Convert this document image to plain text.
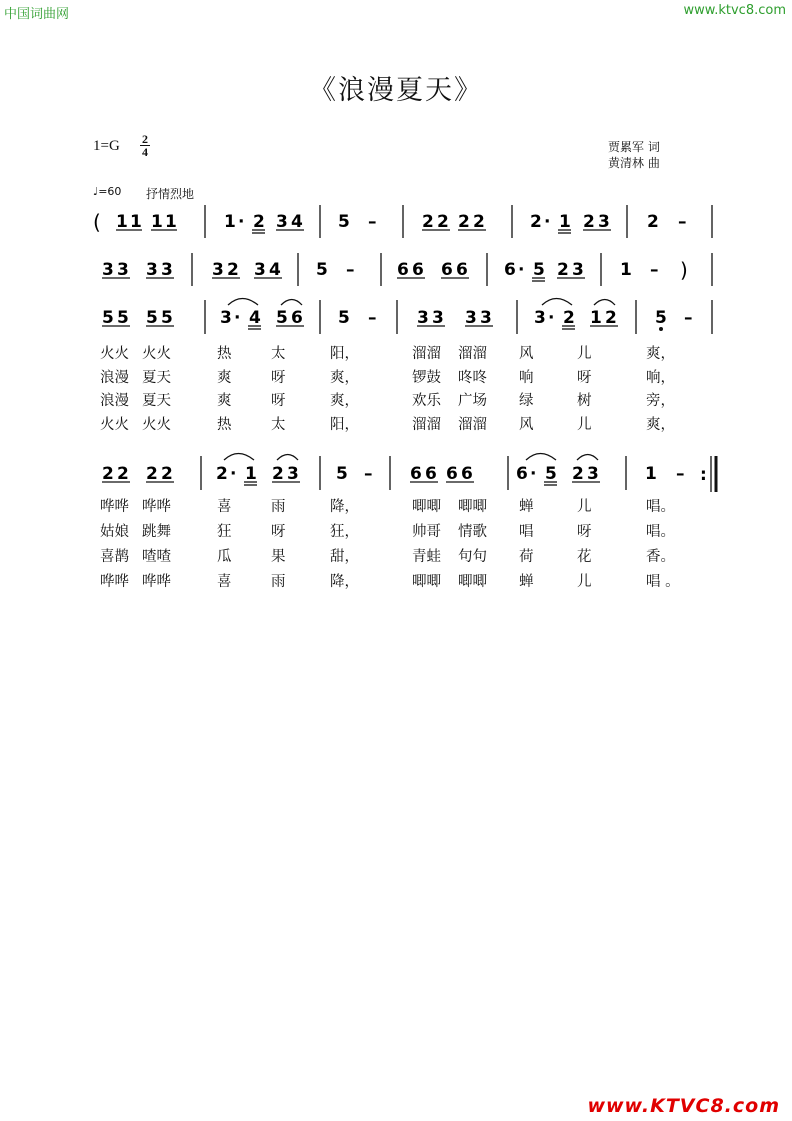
中国词曲网	www.ktvc8.com
《浪漫夏天》
1=G 2
4	贾累军 词
黄清林 曲
♩=60 抒情烈地
( 1 1 1 1	1 · 2 3 4 5 –	2 2 2 2	2 · 1 2 3 2 –
3 3 3 3 3 2 3 4 5 –	6 6 6 6 6 · 5 2 3 1 – )
5 5 5 5	3 · 4 5 6 5 – 3 3 3 3 3 · 2 1 2 5 –
2 2 2 2	2 · 1 2 3 5 – 6 6 6 6	6 · 5 2 3	1 – :
火火 火火	热	太	阳，	溜溜 溜溜 风	儿	爽，
浪漫 夏天	爽	呀	爽，	锣鼓 咚咚 响	呀	响，
浪漫 夏天	爽	呀	爽，	欢乐 广场 绿	树	旁，
火火 火火	热	太	阳，	溜溜 溜溜 风	儿	爽，
哗哗 哗哗	喜	雨	降，	唧唧 唧唧 蝉	儿	唱。
姑娘 跳舞	狂	呀	狂，	帅哥 情歌 唱	呀	唱。
喜鹊 喳喳	瓜	果	甜，	青蛙 句句 荷	花	香。
哗哗 哗哗	喜	雨	降，	唧唧 唧唧 蝉	儿	唱 。
www.KTVC8.com
